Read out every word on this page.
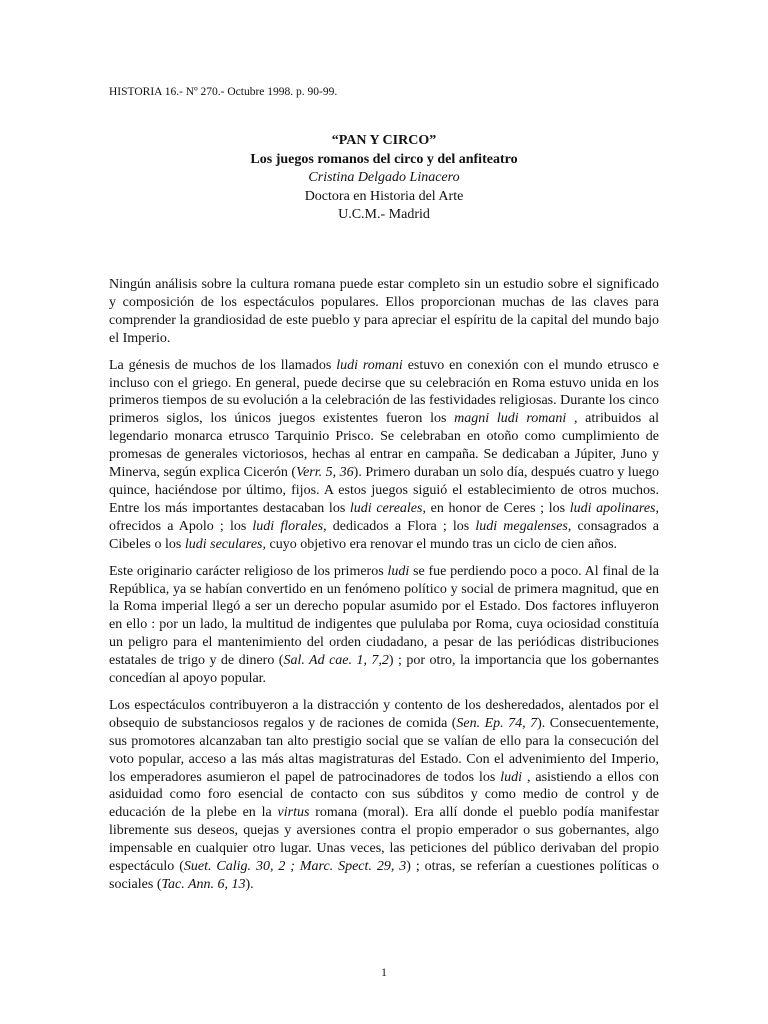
HISTORIA 16.- Nº 270.- Octubre 1998. p. 90-99.
“PAN Y CIRCO”
Los juegos romanos del circo y del anfiteatro
Cristina Delgado Linacero
Doctora en Historia del Arte
U.C.M.- Madrid

Ningún análisis sobre la cultura romana puede estar completo sin un estudio sobre el significado y composición de los espectáculos populares. Ellos proporcionan muchas de las claves para comprender la grandiosidad de este pueblo y para apreciar el espíritu de la capital del mundo bajo el Imperio.

La génesis de muchos de los llamados ludi romani estuvo en conexión con el mundo etrusco e incluso con el griego. En general, puede decirse que su celebración en Roma estuvo unida en los primeros tiempos de su evolución a la celebración de las festividades religiosas. Durante los cinco primeros siglos, los únicos juegos existentes fueron los magni ludi romani , atribuidos al legendario monarca etrusco Tarquinio Prisco. Se celebraban en otoño como cumplimiento de promesas de generales victoriosos, hechas al entrar en campaña. Se dedicaban a Júpiter, Juno y Minerva, según explica Cicerón (Verr. 5, 36). Primero duraban un solo día, después cuatro y luego quince, haciéndose por último, fijos. A estos juegos siguió el establecimiento de otros muchos. Entre los más importantes destacaban los ludi cereales, en honor de Ceres ; los ludi apolinares, ofrecidos a Apolo ; los ludi florales, dedicados a Flora ; los ludi megalenses, consagrados a Cibeles o los ludi seculares, cuyo objetivo era renovar el mundo tras un ciclo de cien años.

Este originario carácter religioso de los primeros ludi se fue perdiendo poco a poco. Al final de la República, ya se habían convertido en un fenómeno político y social de primera magnitud, que en la Roma imperial llegó a ser un derecho popular asumido por el Estado. Dos factores influyeron en ello : por un lado, la multitud de indigentes que pululaba por Roma, cuya ociosidad constituía un peligro para el mantenimiento del orden ciudadano, a pesar de las periódicas distribuciones estatales de trigo y de dinero (Sal. Ad cae. 1, 7,2) ; por otro, la importancia que los gobernantes concedían al apoyo popular.

Los espectáculos contribuyeron a la distracción y contento de los desheredados, alentados por el obsequio de substanciosos regalos y de raciones de comida (Sen. Ep. 74, 7). Consecuentemente, sus promotores alcanzaban tan alto prestigio social que se valían de ello para la consecución del voto popular, acceso a las más altas magistraturas del Estado. Con el advenimiento del Imperio, los emperadores asumieron el papel de patrocinadores de todos los ludi , asistiendo a ellos con asiduidad como foro esencial de contacto con sus súbditos y como medio de control y de educación de la plebe en la virtus romana (moral). Era allí donde el pueblo podía manifestar libremente sus deseos, quejas y aversiones contra el propio emperador o sus gobernantes, algo impensable en cualquier otro lugar. Unas veces, las peticiones del público derivaban del propio espectáculo (Suet. Calig. 30, 2 ; Marc. Spect. 29, 3) ; otras, se referían a cuestiones políticas o sociales (Tac. Ann. 6, 13).

1
